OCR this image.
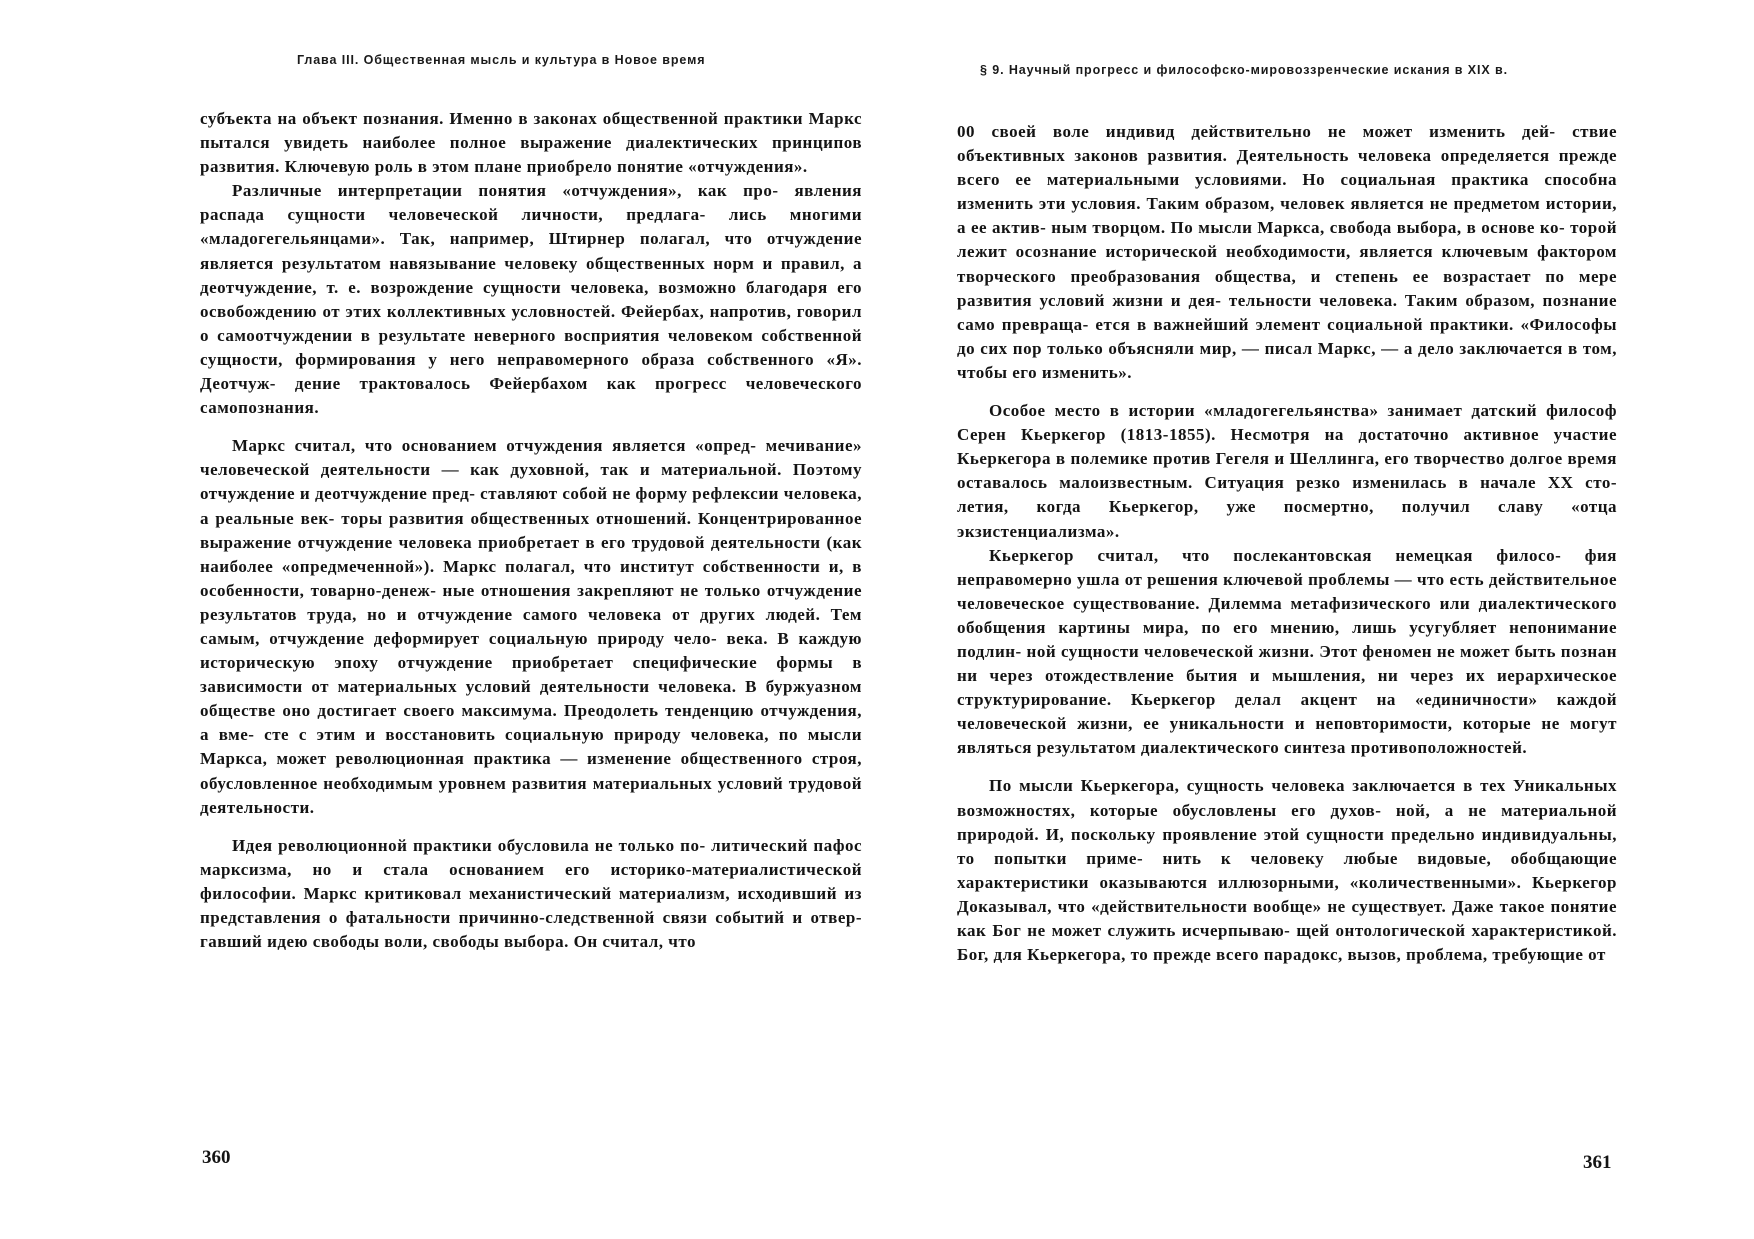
Глава III. Общественная мысль и культура в Новое время

субъекта на объект познания. Именно в законах общественной практики Маркс пытался увидеть наиболее полное выражение диалектических принципов развития. Ключевую роль в этом плане приобрело понятие «отчуждения».

Различные интерпретации понятия «отчуждения», как про- явления распада сущности человеческой личности, предлага- лись многими «младогегельянцами». Так, например, Штирнер полагал, что отчуждение является результатом навязывание человеку общественных норм и правил, а деотчуждение, т. е. возрождение сущности человека, возможно благодаря его освобождению от этих коллективных условностей. Фейербах, напротив, говорил о самоотчуждении в результате неверного восприятия человеком собственной сущности, формирования у него неправомерного образа собственного «Я». Деотчуж- дение трактовалось Фейербахом как прогресс человеческого самопознания.

Маркс считал, что основанием отчуждения является «опред- мечивание» человеческой деятельности — как духовной, так и материальной. Поэтому отчуждение и деотчуждение пред- ставляют собой не форму рефлексии человека, а реальные век- торы развития общественных отношений. Концентрированное выражение отчуждение человека приобретает в его трудовой деятельности (как наиболее «опредмеченной»). Маркс полагал, что институт собственности и, в особенности, товарно-денеж- ные отношения закрепляют не только отчуждение результатов труда, но и отчуждение самого человека от других людей. Тем самым, отчуждение деформирует социальную природу чело- века. В каждую историческую эпоху отчуждение приобретает специфические формы в зависимости от материальных условий деятельности человека. В буржуазном обществе оно достигает своего максимума. Преодолеть тенденцию отчуждения, а вме- сте с этим и восстановить социальную природу человека, по мысли Маркса, может революционная практика — изменение общественного строя, обусловленное необходимым уровнем развития материальных условий трудовой деятельности.

Идея революционной практики обусловила не только по- литический пафос марксизма, но и стала основанием его историко-материалистической философии. Маркс критиковал механистический материализм, исходивший из представления о фатальности причинно-следственной связи событий и отвер- гавший идею свободы воли, свободы выбора. Он считал, что

360
§ 9. Научный прогресс и философско-мировоззренческие искания в XIX в.

00 своей воле индивид действительно не может изменить дей- ствие объективных законов развития. Деятельность человека определяется прежде всего ее материальными условиями. Но социальная практика способна изменить эти условия. Таким образом, человек является не предметом истории, а ее актив- ным творцом. По мысли Маркса, свобода выбора, в основе ко- торой лежит осознание исторической необходимости, является ключевым фактором творческого преобразования общества, и степень ее возрастает по мере развития условий жизни и дея- тельности человека. Таким образом, познание само превраща- ется в важнейший элемент социальной практики. «Философы до сих пор только объясняли мир, — писал Маркс, — а дело заключается в том, чтобы его изменить».

Особое место в истории «младогегельянства» занимает датский философ Серен Кьеркегор (1813-1855). Несмотря на достаточно активное участие Кьеркегора в полемике против Гегеля и Шеллинга, его творчество долгое время оставалось малоизвестным. Ситуация резко изменилась в начале XX сто- летия, когда Кьеркегор, уже посмертно, получил славу «отца экзистенциализма».

Кьеркегор считал, что послекантовская немецкая филосо- фия неправомерно ушла от решения ключевой проблемы — что есть действительное человеческое существование. Дилемма метафизического или диалектического обобщения картины мира, по его мнению, лишь усугубляет непонимание подлин- ной сущности человеческой жизни. Этот феномен не может быть познан ни через отождествление бытия и мышления, ни через их иерархическое структурирование. Кьеркегор делал акцент на «единичности» каждой человеческой жизни, ее уникальности и неповторимости, которые не могут являться результатом диалектического синтеза противоположностей.

По мысли Кьеркегора, сущность человека заключается в тех Уникальных возможностях, которые обусловлены его духов- ной, а не материальной природой. И, поскольку проявление этой сущности предельно индивидуальны, то попытки приме- нить к человеку любые видовые, обобщающие характеристики оказываются иллюзорными, «количественными». Кьеркегор Доказывал, что «действительности вообще» не существует. Даже такое понятие как Бог не может служить исчерпываю- щей онтологической характеристикой. Бог, для Кьеркегора, то прежде всего парадокс, вызов, проблема, требующие от

361
